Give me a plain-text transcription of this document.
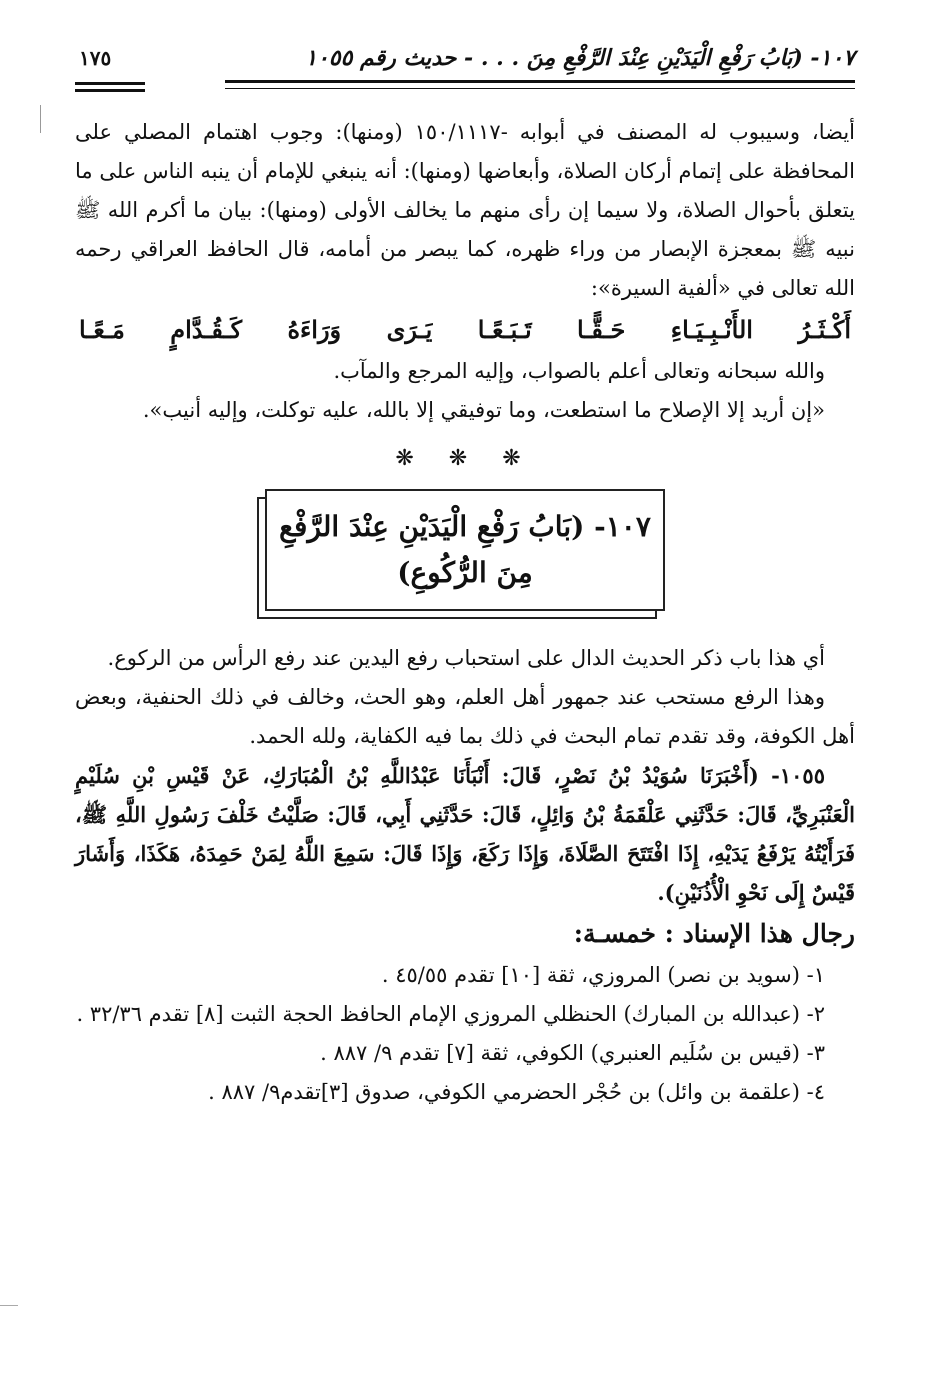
١٠٧- (بَابُ رَفْعِ الْيَدَيْنِ عِنْدَ الرَّفْعِ مِنَ . . . - حديث رقم ١٠٥٥
١٧٥

أيضا، وسيبوب له المصنف في أبوابه -١٥٠/١١١٧ (ومنها): وجوب اهتمام المصلي على المحافظة على إتمام أركان الصلاة، وأبعاضها (ومنها): أنه ينبغي للإمام أن ينبه الناس على ما يتعلق بأحوال الصلاة، ولا سيما إن رأى منهم ما يخالف الأولى (ومنها): بيان ما أكرم الله ﷺ نبيه ﷺ بمعجزة الإبصار من وراء ظهره، كما يبصر من أمامه، قال الحافظ العراقي رحمه الله تعالى في «ألفية السيرة»:

أَكْـثَـرُ
الأَنْـبِـيَـاءِ
حَـقًّـا
تَـبَـعًـا
يَـرَى
وَرَاءَهُ
كَـقُـدَّامٍ
مَـعًـا

والله سبحانه وتعالى أعلم بالصواب، وإليه المرجع والمآب.

«إن أريد إلا الإصلاح ما استطعت، وما توفيقي إلا بالله، عليه توكلت، وإليه أنيب».

❋ ❋ ❋
١٠٧- (بَابُ رَفْعِ الْيَدَيْنِ عِنْدَ الرَّفْعِ
مِنَ الرُّكُوعِ)

أي هذا باب ذكر الحديث الدال على استحباب رفع اليدين عند رفع الرأس من الركوع.

وهذا الرفع مستحب عند جمهور أهل العلم، وهو الحث، وخالف في ذلك الحنفية، وبعض أهل الكوفة، وقد تقدم تمام البحث في ذلك بما فيه الكفاية، ولله الحمد.

١٠٥٥- (أَخْبَرَنَا سُوَيْدُ بْنُ نَصْرٍ، قَالَ: أَنْبَأَنَا عَبْدُاللَّهِ بْنُ الْمُبَارَكِ، عَنْ قَيْسِ بْنِ سُلَيْمٍ الْعَنْبَرِيِّ، قَالَ: حَدَّثَنِي عَلْقَمَةُ بْنُ وَائِلٍ، قَالَ: حَدَّثَنِي أَبِي، قَالَ: صَلَّيْتُ خَلْفَ رَسُولِ اللَّهِ ﷺ، فَرَأَيْتُهُ يَرْفَعُ يَدَيْهِ، إِذَا افْتَتَحَ الصَّلَاةَ، وَإِذَا رَكَعَ، وَإِذَا قَالَ: سَمِعَ اللَّهُ لِمَنْ حَمِدَهُ، هَكَذَا، وَأَشَارَ قَيْسٌ إِلَى نَحْوِ الْأُذُنَيْنِ).
رجال هذا الإسناد : خمسـة:

١- (سويد بن نصر) المروزي، ثقة [١٠] تقدم ٤٥/٥٥ .

٢- (عبدالله بن المبارك) الحنظلي المروزي الإمام الحافظ الحجة الثبت [٨] تقدم ٣٢/٣٦ .

٣- (قيس بن سُلَيم العنبري) الكوفي، ثقة [٧] تقدم ٩/ ٨٨٧ .

٤- (علقمة بن وائل) بن حُجْر الحضرمي الكوفي، صدوق [٣]تقدم٩/ ٨٨٧ .
